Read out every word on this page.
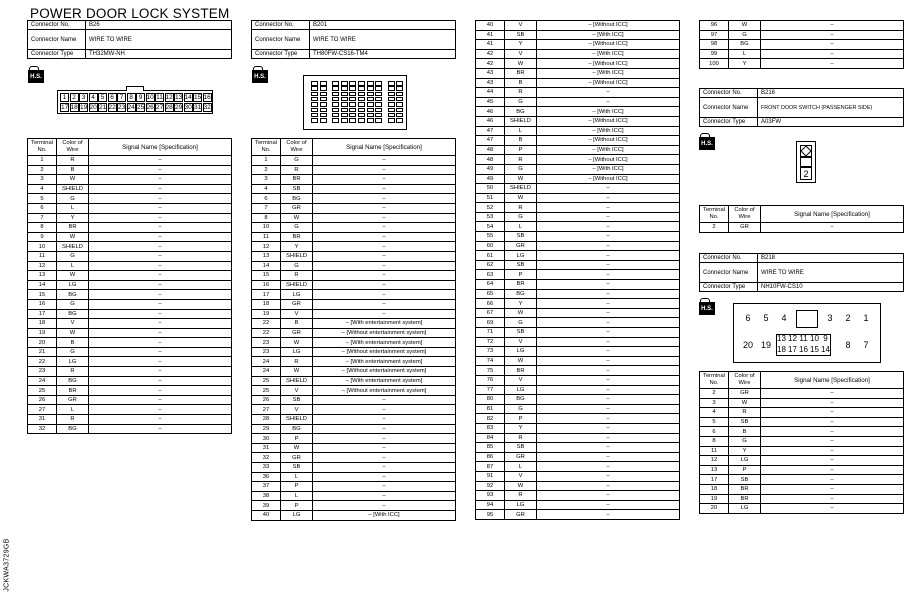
POWER DOOR LOCK SYSTEM
JCKWA3729GB
Connector No.	B26
Connector Name	WIRE TO WIRE
Connector Type	TH32MW-NH
H.S.
1 2 3 4 5 6 7 8 9 10 11 12 13 14 15 16
17 18 19 20 21 22 23 24 25 26 27 28 29 30 31 32
Terminal No.	Color of Wire	Signal Name [Specification]
1	R	–
2	B	–
3	W	–
4	SHIELD	–
5	G	–
6	L	–
7	Y	–
8	BR	–
9	W	–
10	SHIELD	–
11	G	–
12	L	–
13	W	–
14	LG	–
15	BG	–
16	G	–
17	BG	–
18	V	–
19	W	–
20	B	–
21	G	–
22	LG	–
23	R	–
24	BG	–
25	BR	–
26	GR	–
27	L	–
31	R	–
32	BG	–
Connector No.	B201
Connector Name	WIRE TO WIRE
Connector Type	TH80FW-CS16-TM4
H.S.
Terminal No.	Color of Wire	Signal Name [Specification]
1	G	–
2	R	–
3	BR	–
4	SB	–
6	BG	–
7	GR	–
8	W	–
10	G	–
11	BR	–
12	Y	–
13	SHIELD	–
14	G	–
15	R	–
16	SHIELD	–
17	LG	–
18	GR	–
19	V	–
22	B	– [With entertainment system]
22	GR	– [Without entertainment system]
23	W	– [With entertainment system]
23	LG	– [Without entertainment system]
24	R	– [With entertainment system]
24	W	– [Without entertainment system]
25	SHIELD	– [With entertainment system]
25	V	– [Without entertainment system]
26	SB	–
27	V	–
28	SHIELD	–
29	BG	–
30	P	–
31	W	–
32	GR	–
33	SB	–
36	L	–
37	P	–
38	L	–
39	P	–
40	LG	– [With ICC]
40	V	– [Without ICC]
41	SB	– [With ICC]
41	Y	– [Without ICC]
42	V	– [With ICC]
42	W	– [Without ICC]
43	BR	– [With ICC]
43	B	– [Without ICC]
44	R	–
45	G	–
46	BG	– [With ICC]
46	SHIELD	– [Without ICC]
47	L	– [With ICC]
47	B	– [Without ICC]
48	P	– [With ICC]
48	R	– [Without ICC]
49	G	– [With ICC]
49	W	– [Without ICC]
50	SHIELD	–
51	W	–
52	R	–
53	G	–
54	L	–
55	SB	–
60	GR	–
61	LG	–
62	SB	–
63	P	–
64	BR	–
65	BG	–
66	Y	–
67	W	–
69	G	–
71	SB	–
72	V	–
73	LG	–
74	W	–
75	BR	–
76	V	–
77	LG	–
80	BG	–
81	G	–
82	P	–
83	Y	–
84	R	–
85	SB	–
86	GR	–
87	L	–
91	V	–
92	W	–
93	R	–
94	LG	–
95	GR	–
96	W	–
97	G	–
98	BG	–
99	L	–
100	Y	–
Connector No.	B216
Connector Name	FRONT DOOR SWITCH (PASSENGER SIDE)
Connector Type	A03FW
H.S.
2
Terminal No.	Color of Wire	Signal Name [Specification]
2	GR	–
Connector No.	B218
Connector Name	WIRE TO WIRE
Connector Type	NH10FW-CS10
H.S.
6	5	4	3	2	1
20 19	8	7
13 12 11 10 9
18 17 16 15 14
Terminal No.	Color of Wire	Signal Name [Specification]
2	GR	–
3	W	–
4	R	–
5	SB	–
6	B	–
8	G	–
11	Y	–
12	LG	–
13	P	–
17	SB	–
18	BR	–
19	BR	–
20	LG	–
